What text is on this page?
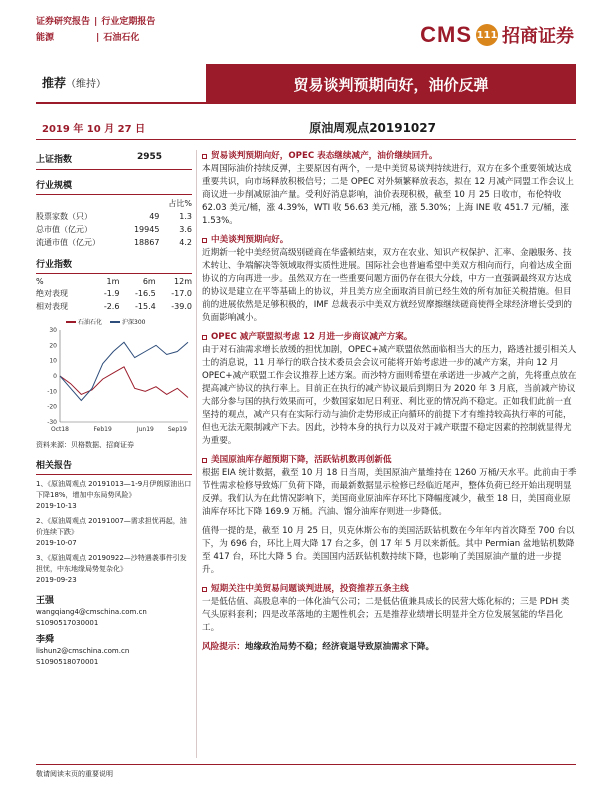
证券研究报告 | 行业定期报告
能源	| 石油石化	CMS 111 招商证券
推荐（维持）	贸易谈判预期向好，油价反弹
2019 年 10 月 27 日	原油周观点20191027
上证指数	2955
行业规模
		占比%
股票家数（只）	49	1.3
总市值（亿元）	19945	3.6
流通市值（亿元）	18867	4.2
行业指数
%	1m	6m	12m
绝对表现	-1.9	-16.5	-17.0
相对表现	-2.6	-15.4	-39.0
石油石化	沪深300
30
20
10
0
-10
-20
-30
Oct18	Feb19	Jun19 Sep19
资料来源：贝格数据、招商证券
相关报告

1、《原油周观点 20191013—1-9月伊朗原油出口下降18%，增加中东局势风险》
2019-10-13

2、《原油周观点 20191007—需求担忧再起，油价连续下跌》
2019-10-07

3、《原油周观点 20190922—沙特遇袭事件引发担忧，中东地缘局势复杂化》
2019-09-23

王强
wangqiang4@cmschina.com.cn
S1090517030001
李舜
lishun2@cmschina.com.cn
S1090518070001
贸易谈判预期向好，OPEC 表态继续减产，油价继续回升。
本周国际油价持续反弹，主要原因有两个，一是中美贸易谈判持续进行，双方在多个重要领域达成重要共识，向市场释放积极信号；二是 OPEC 对外频繁释放表态，拟在 12 月减产同盟工作会议上商议进一步削减原油产量。受利好消息影响，油价表现积极，截至 10 月 25 日收市，布伦特收 62.03 美元/桶，涨 4.39%，WTI 收 56.63 美元/桶，涨 5.30%；上海 INE 收 451.7 元/桶，涨 1.53%。
中美谈判预期向好。
近期新一轮中美经贸高级别磋商在华盛顿结束，双方在农业、知识产权保护、汇率、金融服务、技术转让、争端解决等领域取得实质性进展。国际社会也普遍希望中美双方相向而行，向着达成全面协议的方向再进一步。虽然双方在一些重要问题方面仍存在很大分歧，中方一直强调最终双方达成的协议是建立在平等基础上的协议，并且美方应全面取消目前已经生效的所有加征关税措施。但目前的进展依然是足够积极的，IMF 总裁表示中美双方就经贸摩擦继续磋商使得全球经济增长受到的负面影响减小。
OPEC 减产联盟拟考虑 12 月进一步商议减产方案。
由于对石油需求增长放缓的担忧加剧，OPEC+减产联盟依然面临相当大的压力，路透社援引相关人士的消息说，11 月举行的联合技术委员会会议可能将开始考虑进一步的减产方案，并向 12 月 OPEC+减产联盟工作会议推荐上述方案。而沙特方面则希望在承诺进一步减产之前，先将重点放在提高减产协议的执行率上。目前正在执行的减产协议最后到期日为 2020 年 3 月底，当前减产协议大部分参与国的执行效果而可，少数国家如尼日利亚、利比亚的情况尚不稳定。正如我们此前一直坚持的观点，减产只有在实际行动与油价走势形成正向循环的前提下才有维持较高执行率的可能，但也无法无限制减产下去。因此，沙特本身的执行力以及对于减产联盟不稳定因素的控制就显得尤为重要。
美国原油库存超预期下降，活跃钻机数再创新低
根据 EIA 统计数据，截至 10 月 18 日当周，美国原油产量维持在 1260 万桶/天水平。此前由于季节性需求检修导致炼厂负荷下降，而最新数据显示检修已经临近尾声，整体负荷已经开始出现明显反弹。我们认为在此情况影响下，美国商业原油库存环比下降幅度减少，截至 18 日，美国商业原油库存环比下降 169.9 万桶。汽油、馏分油库存则进一步降低。
值得一提的是，截至 10 月 25 日，贝克休斯公布的美国活跃钻机数在今年年内首次降至 700 台以下，为 696 台，环比上周大降 17 台之多，创 17 年 5 月以来新低。其中 Permian 盆地钻机数降至 417 台，环比大降 5 台。美国国内活跃钻机数持续下降，也影响了美国原油产量的进一步提升。
短期关注中美贸易问题谈判进展，投资推荐五条主线
一是低估值、高股息率的一体化油气公司；二是低估值兼具成长的民营大炼化标的；三是 PDH 类气头原料套利；四是改革落地的主题性机会；五是推荐业绩增长明显并全方位发展氢能的华昌化工。
风险提示：地缘政治局势不稳；经济衰退导致原油需求下降。
敬请阅读末页的重要说明
